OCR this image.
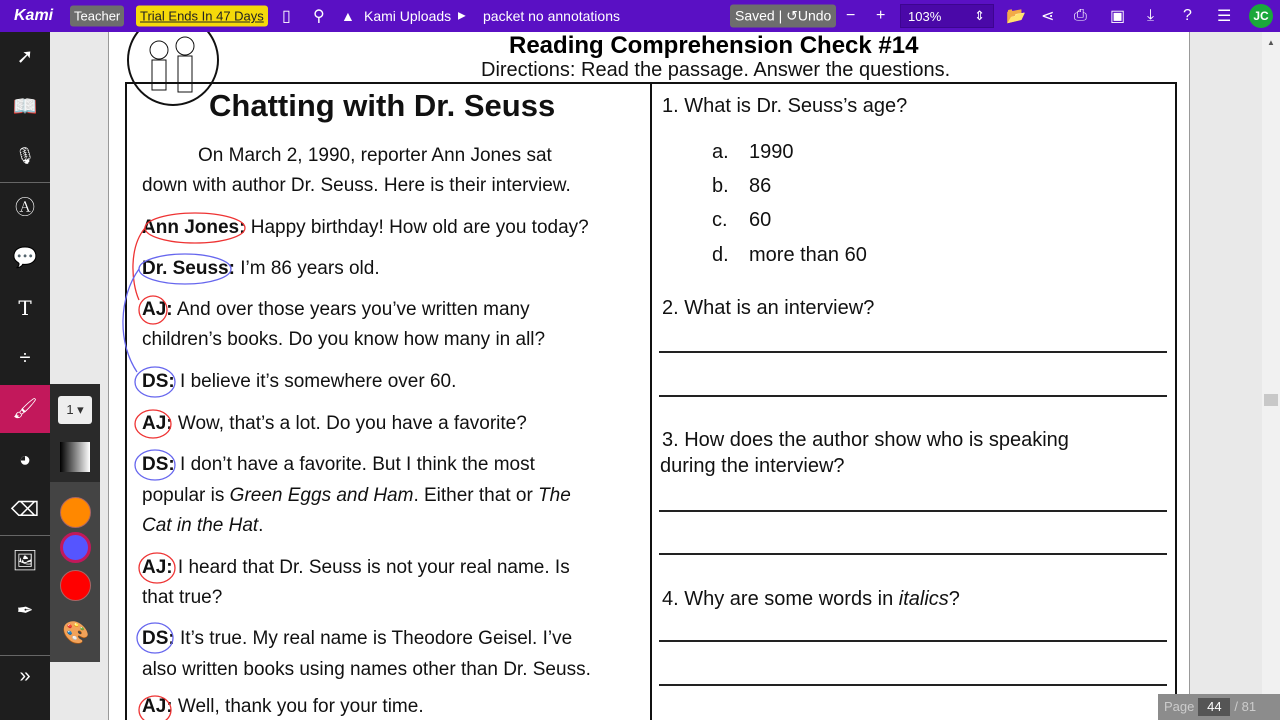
Kami	Teacher	Trial Ends In 47 Days ▯ ⚲ ▲ Kami Uploads ▶ packet no annotations	Saved | ↺Undo − +	103%	⇕ 📂 ⋖ ⎙ ▣ ⤓ ? ☰	JC
➚
📖
🎙
Ⓐ
💬
T
÷
🖌
◕
⌫
🖼
✒
»
1 ▾
🎨
Reading Comprehension Check #14
Directions: Read the passage. Answer the questions.
Chatting with Dr. Seuss
On March 2, 1990, reporter Ann Jones sat
down with author Dr. Seuss. Here is their interview.
Ann Jones: Happy birthday! How old are you today?
Dr. Seuss: I’m 86 years old.
AJ: And over those years you’ve written many
children’s books. Do you know how many in all?
DS: I believe it’s somewhere over 60.
AJ: Wow, that’s a lot. Do you have a favorite?
DS: I don’t have a favorite. But I think the most
popular is Green Eggs and Ham. Either that or The
Cat in the Hat.
AJ: I heard that Dr. Seuss is not your real name. Is
that true?
DS: It’s true. My real name is Theodore Geisel. I’ve
also written books using names other than Dr. Seuss.
AJ: Well, thank you for your time.
1. What is Dr. Seuss’s age?
a. 1990
b. 86
c. 60
d. more than 60
2. What is an interview?
3. How does the author show who is speaking
during the interview?
4. Why are some words in italics?
▲
Page 44 / 81
